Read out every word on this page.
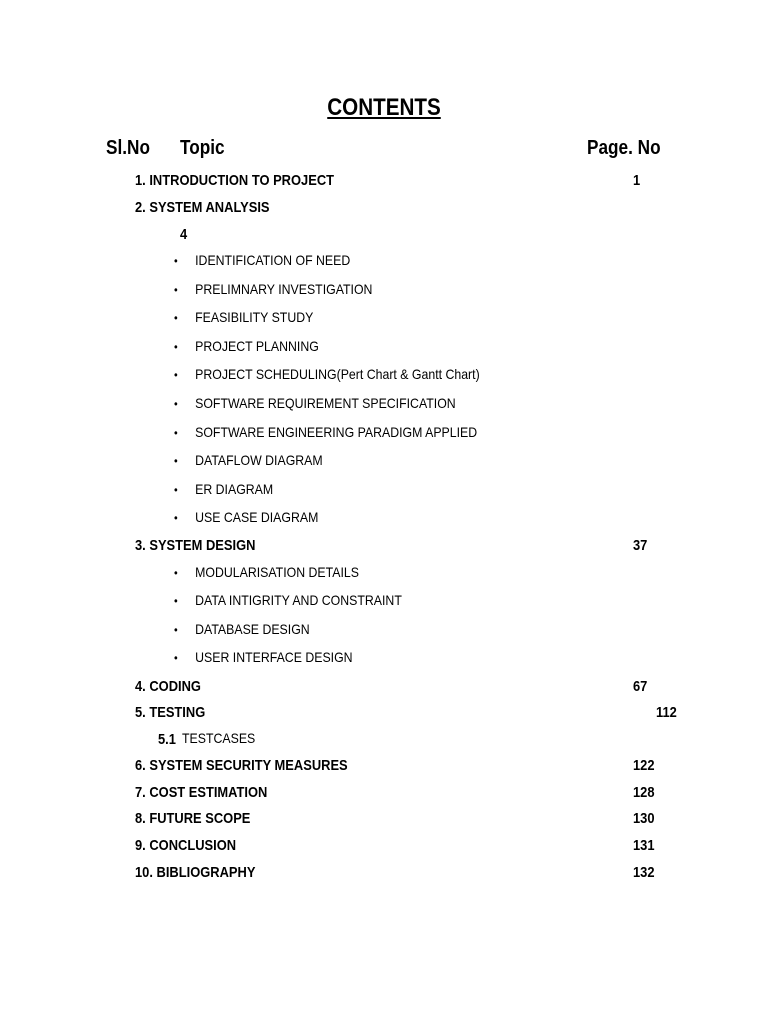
CONTENTS
Sl.No Topic	Page. No
1. INTRODUCTION TO PROJECT	1
2. SYSTEM ANALYSIS
4
• IDENTIFICATION OF NEED
• PRELIMNARY INVESTIGATION
• FEASIBILITY STUDY
• PROJECT PLANNING
• PROJECT SCHEDULING(Pert Chart & Gantt Chart)
• SOFTWARE REQUIREMENT SPECIFICATION
• SOFTWARE ENGINEERING PARADIGM APPLIED
• DATAFLOW DIAGRAM
• ER DIAGRAM
• USE CASE DIAGRAM
3. SYSTEM DESIGN	37
• MODULARISATION DETAILS
• DATA INTIGRITY AND CONSTRAINT
• DATABASE DESIGN
• USER INTERFACE DESIGN
4. CODING	67
5. TESTING	112
5.1 TESTCASES
6. SYSTEM SECURITY MEASURES	122
7. COST ESTIMATION	128
8. FUTURE SCOPE	130
9. CONCLUSION	131
10. BIBLIOGRAPHY	132
